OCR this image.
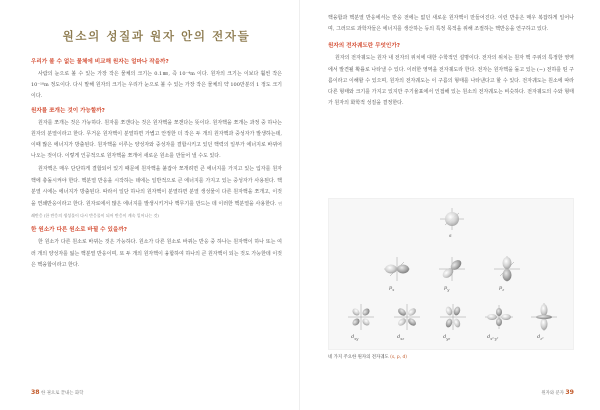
원소의 성질과 원자 안의 전자들
우리가 볼 수 없는 물체에 비교해 원자는 얼마나 작을까?

사람의 눈으로 볼 수 있는 가장 작은 물체의 크기는 0.1㎜, 즉 10⁻⁴m 이다. 원자의 크기는 이보다 훨씬 작은 10⁻¹⁰m 정도이다. 다시 말해 원자의 크기는 우리가 눈으로 볼 수 있는 가장 작은 물체의 약 100만분의 1 정도 크기이다.

원자를 쪼개는 것이 가능할까?

원자를 쪼개는 것은 가능하다. 원자를 쪼갠다는 것은 원자핵을 쪼갠다는 뜻이다. 원자핵을 쪼개는 과정 중 하나는 원자의 분열이라고 한다. 무거운 원자핵이 분열하면 가볍고 안정한 더 작은 두 개의 원자핵과 중성자가 발생하는데, 이때 많은 에너지가 방출된다. 원자핵을 이루는 양성자와 중성자를 결합시키고 있던 핵력의 일부가 에너지로 바뀌어 나오는 것이다. 이렇게 인공적으로 원자핵을 쪼개어 새로운 원소를 만들어 낼 수도 있다.

원자핵은 매우 단단하게 결합되어 있기 때문에 원자핵을 붙잡아 쪼개려면 큰 에너지를 가지고 있는 입자를 원자핵에 충돌시켜야 한다. 핵분열 반응을 시작하는 데에는 일반적으로 큰 에너지를 가지고 있는 중성자가 사용된다. 핵분열 시에는 에너지가 방출된다. 따라서 일단 하나의 원자핵이 분열하면 분열 생성물이 다른 원자핵을 쪼개고, 이것을 연쇄반응이라고 한다. 원자로에서 많은 에너지를 발생시키거나 핵무기를 만드는 데 이러한 핵분열을 사용한다. 연쇄반응 (한 반응의 생성물이 다시 반응물이 되어 반응이 계속 일어나는 것)

한 원소가 다른 원소로 바뀔 수 있을까?

한 원소가 다른 원소로 바뀌는 것은 가능하다. 원소가 다른 원소로 바뀌는 반응 중 하나는 원자핵이 하나 또는 여러 개의 양성자를 잃는 핵분열 반응이며, 또 두 개의 원자핵이 융합하여 하나의 큰 원자핵이 되는 것도 가능한데 이것은 핵융합이라고 한다.

38 한 권으로 끝내는 화학

핵융합과 핵분열 반응에서는 반응 전에는 없던 새로운 원자핵이 만들어진다. 이런 반응은 매우 복잡하게 일어나며, 그러므로 과학자들은 에너지를 생산하는 등의 특정 목적을 위해 조절하는 핵반응을 연구하고 있다.

원자의 전자궤도란 무엇인가?

원자의 전자궤도는 원자 내 전자의 위치에 대한 수학적인 설명이다. 전자의 위치는 원자 핵 주위의 특정한 영역에서 발견될 확률로 나타낼 수 있다. 이러한 영역을 전자궤도라 한다. 전자는 원자핵을 돌고 있는 (−) 전하를 띤 구름이라고 이해할 수 있으며, 원자의 전자궤도는 이 구름의 형태를 나타낸다고 할 수 있다. 전자궤도는 원소에 따라 다른 형태와 크기를 가지고 있지만 주기율표에서 인접해 있는 원소의 전자궤도는 비슷하다. 전자궤도의 수와 형태가 원자의 화학적 성질을 결정한다.

s
$p_x$	$p_y$	$p_z$
$d_{xy}$	$d_{xz}$	$d_{yz}$	$d_{x^2-y^2}$	$d_{z^2}$
네 가지 주요한 원자의 전자궤도 (s, p, d)
원자와 분자 39
